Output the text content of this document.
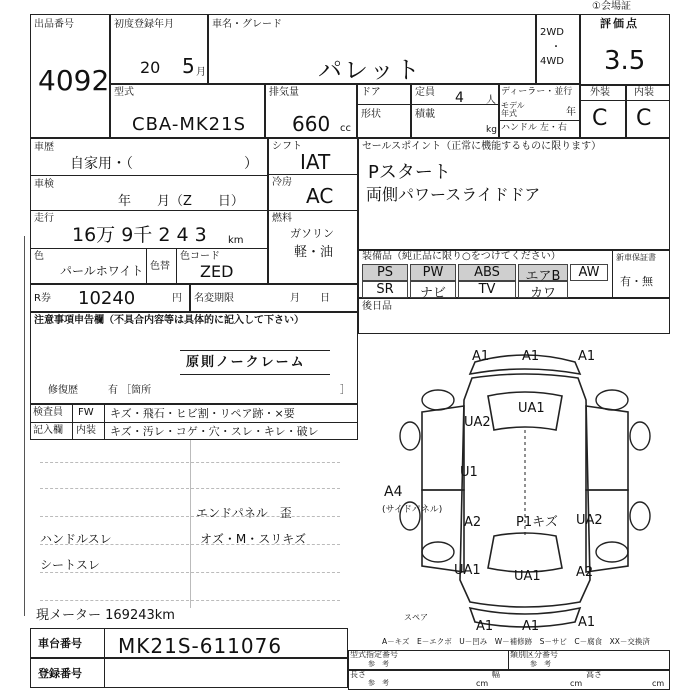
出品番号
4092
初度登録年月
20 5 月
車名・グレード
パレット
2WD
・
4WD
①会場証
評価点
3.5
外装 内装
C C
型式
CBA-MK21S
排気量
660 cc
ドア
形状
定員 4 人
積載
kg
ディーラー・並行
モデル年式	年
ハンドル 左・右
車歴
自家用・（	）
車検
年　　月（Z　　日）
走行
16万 9千 2 4 3 km
色
パールホワイト 色替
色コード
ZED
シフト
IAT
冷房
AC
燃料
ガソリン
軽・油
R券 10240	円 名変期限	月　　日
セールスポイント（正常に機能するものに限ります）
Pスタート
両側パワースライドドア
装備品（純正品に限り○をつけてください）
PS	PW	ABS	エアB	AW
SR	ナビ	TV	カワ
新車保証書
有・無
後日品
注意事項申告欄（不具合内容等は具体的に記入して下さい）
原則ノークレーム
修復歴	有 ［箇所	］
検査員 FW キズ・飛石・ヒビ割・リペア跡・×要
記入欄 内装 キズ・汚レ・コゲ・穴・スレ・キレ・破レ
ハンドルスレ
シートスレ
エンドパネル　歪
オズ・M・スリキズ
現メーター 169243km
A1	A1	A1
UA1
UA2
U1
A2	P1キズ UA2
UA1	UA1	A2
A1 A1	A1
A4
(サイドパネル)
スペア
A－キズ　E－エクボ　U－凹み　W－補修跡　S－サビ　C－腐食　XX－交換済
車台番号 MK21S-611076
登録番号
型式指定番号
参　考
類別区分番号
参　考
長さ
参　考	cm
幅
cm
高さ
cm
